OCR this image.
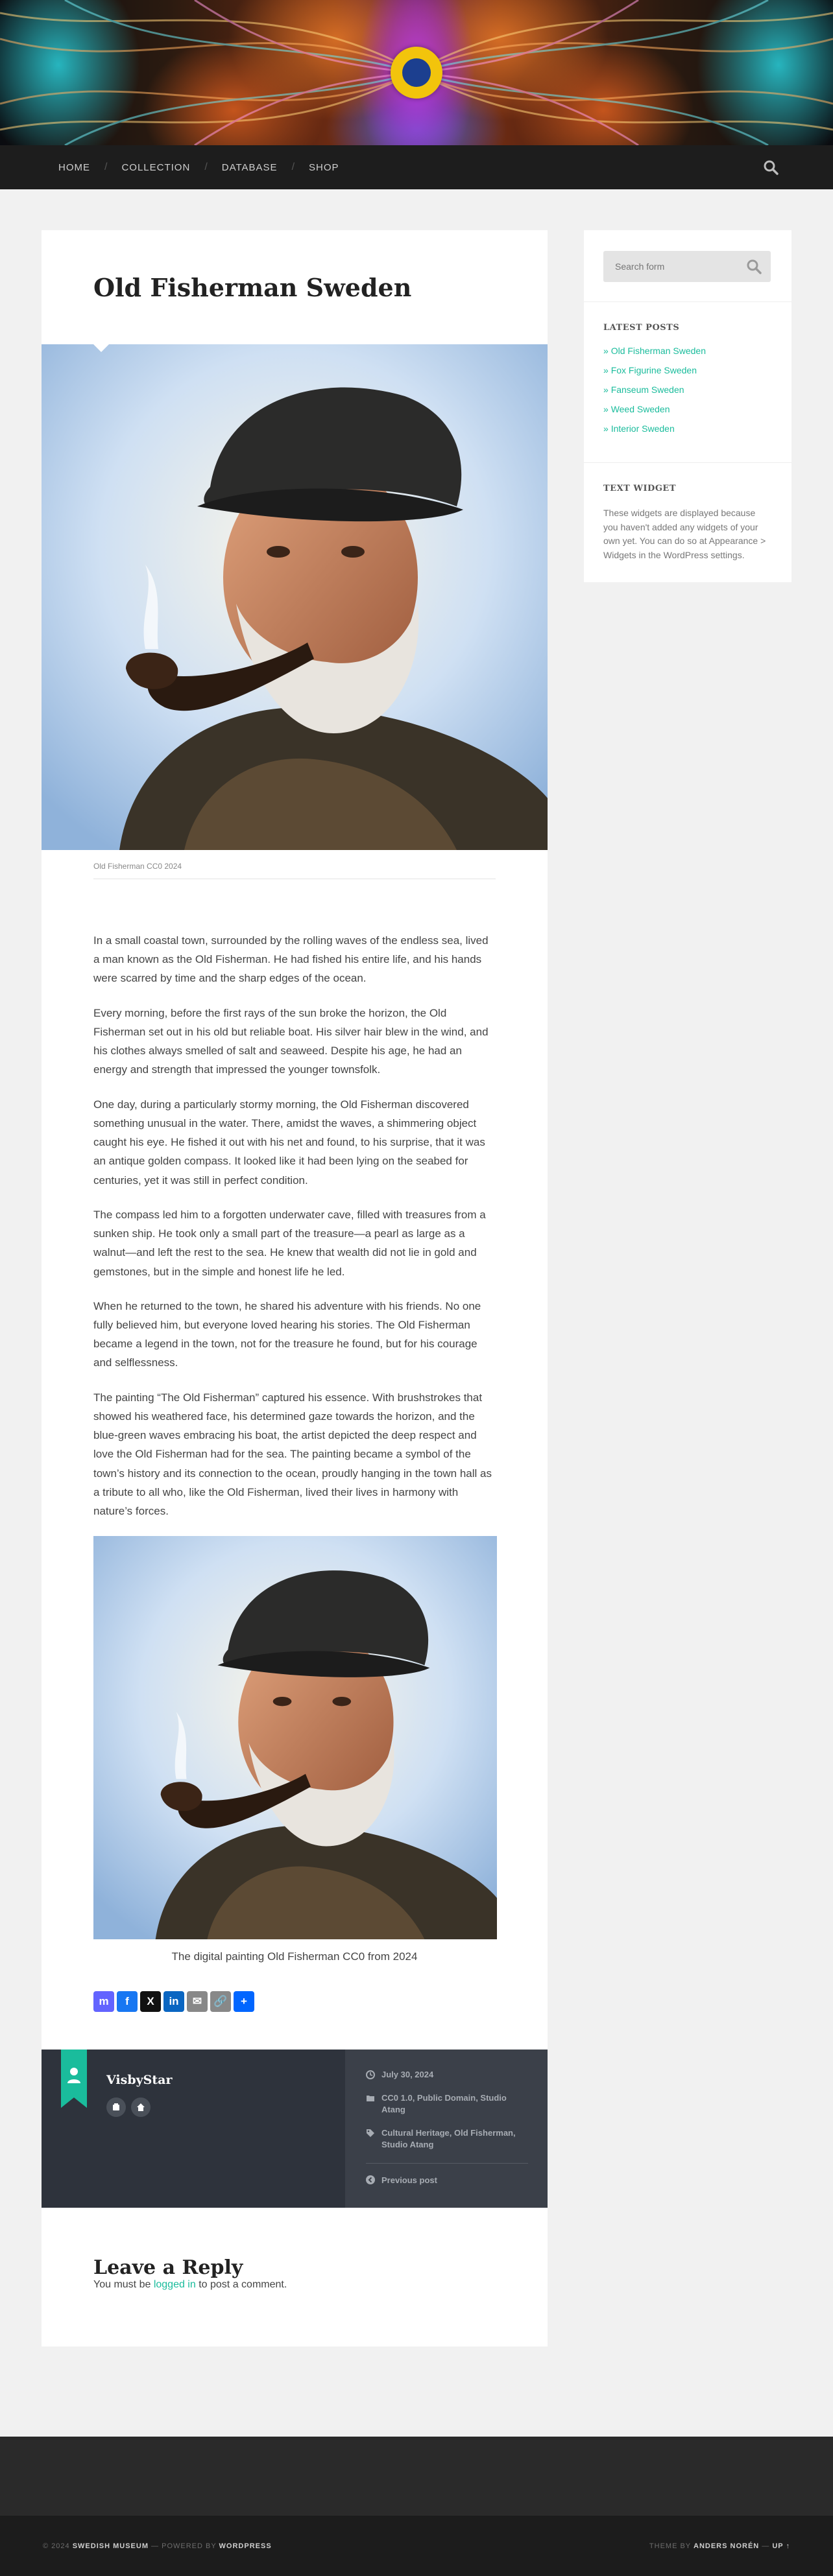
HOME / COLLECTION / DATABASE / SHOP
Old Fisherman Sweden

Old Fisherman CC0 2024

In a small coastal town, surrounded by the rolling waves of the endless sea, lived a man known as the Old Fisherman. He had fished his entire life, and his hands were scarred by time and the sharp edges of the ocean.

Every morning, before the first rays of the sun broke the horizon, the Old Fisherman set out in his old but reliable boat. His silver hair blew in the wind, and his clothes always smelled of salt and seaweed. Despite his age, he had an energy and strength that impressed the younger townsfolk.

One day, during a particularly stormy morning, the Old Fisherman discovered something unusual in the water. There, amidst the waves, a shimmering object caught his eye. He fished it out with his net and found, to his surprise, that it was an antique golden compass. It looked like it had been lying on the seabed for centuries, yet it was still in perfect condition.

The compass led him to a forgotten underwater cave, filled with treasures from a sunken ship. He took only a small part of the treasure—a pearl as large as a walnut—and left the rest to the sea. He knew that wealth did not lie in gold and gemstones, but in the simple and honest life he led.

When he returned to the town, he shared his adventure with his friends. No one fully believed him, but everyone loved hearing his stories. The Old Fisherman became a legend in the town, not for the treasure he found, but for his courage and selflessness.

The painting “The Old Fisherman” captured his essence. With brushstrokes that showed his weathered face, his determined gaze towards the horizon, and the blue-green waves embracing his boat, the artist depicted the deep respect and love the Old Fisherman had for the sea. The painting became a symbol of the town’s history and its connection to the ocean, proudly hanging in the town hall as a tribute to all who, like the Old Fisherman, lived their lives in harmony with nature’s forces.

The digital painting Old Fisherman CC0 from 2024

m	f	X	in	✉	🔗	+
VisbyStar	July 30, 2024
CC0 1.0, Public Domain, Studio Atang
Cultural Heritage, Old Fisherman, Studio Atang
Previous post
Leave a Reply

You must be logged in to post a comment.

Search form
LATEST POSTS
» Old Fisherman Sweden
» Fox Figurine Sweden
» Fanseum Sweden
» Weed Sweden
» Interior Sweden
TEXT WIDGET

These widgets are displayed because you haven't added any widgets of your own yet. You can do so at Appearance > Widgets in the WordPress settings.

© 2024 SWEDISH MUSEUM — POWERED BY WORDPRESS	THEME BY ANDERS NORÉN — UP ↑
